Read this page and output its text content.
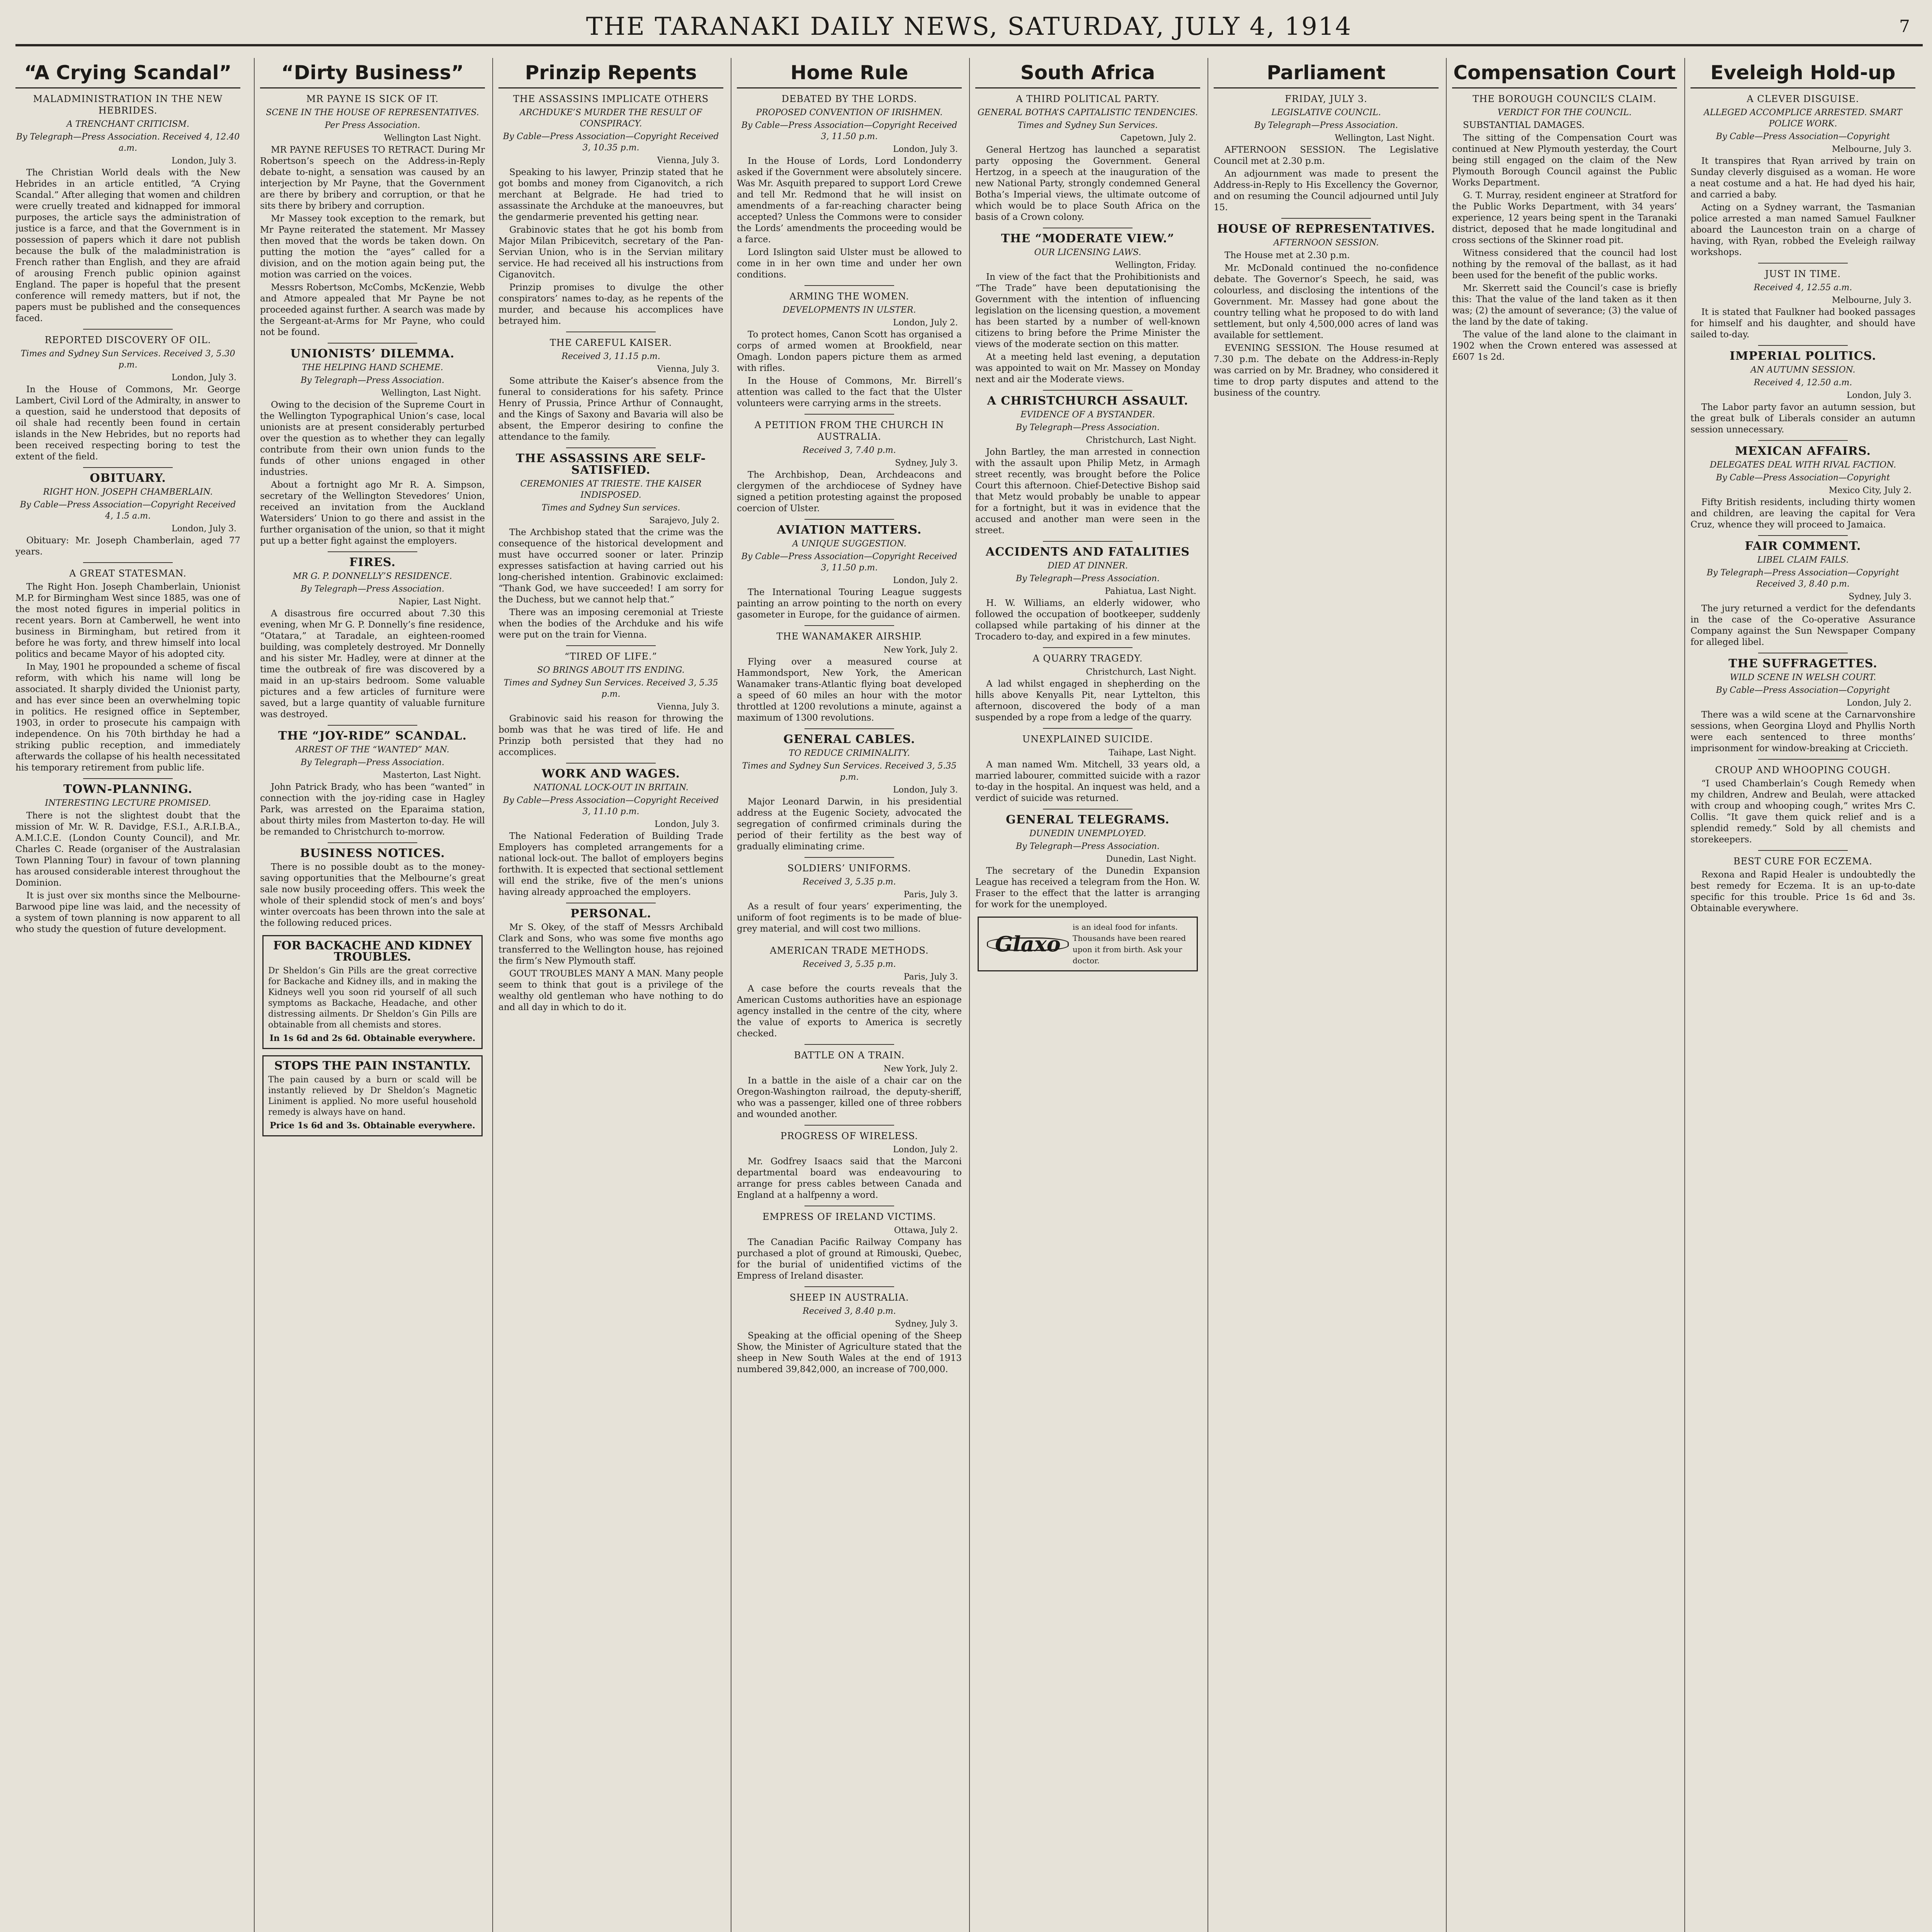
THE TARANAKI DAILY NEWS, SATURDAY, JULY 4, 1914	7
“A Crying Scandal”
MALADMINISTRATION IN THE NEW HEBRIDES.
A TRENCHANT CRITICISM.
By Telegraph—Press Association. Received 4, 12.40 a.m.
London, July 3.

The Christian World deals with the New Hebrides in an article entitled, “A Crying Scandal.” After alleging that women and children were cruelly treated and kidnapped for immoral purposes, the article says the administration of justice is a farce, and that the Government is in possession of papers which it dare not publish because the bulk of the maladministration is French rather than English, and they are afraid of arousing French public opinion against England. The paper is hopeful that the present conference will remedy matters, but if not, the papers must be published and the consequences faced.

REPORTED DISCOVERY OF OIL.
Times and Sydney Sun Services. Received 3, 5.30 p.m.
London, July 3.

In the House of Commons, Mr. George Lambert, Civil Lord of the Admiralty, in answer to a question, said he understood that deposits of oil shale had recently been found in certain islands in the New Hebrides, but no reports had been received respecting boring to test the extent of the field.

OBITUARY.
RIGHT HON. JOSEPH CHAMBERLAIN.
By Cable—Press Association—Copyright Received 4, 1.5 a.m.
London, July 3.

Obituary: Mr. Joseph Chamberlain, aged 77 years.

A GREAT STATESMAN.

The Right Hon. Joseph Chamberlain, Unionist M.P. for Birmingham West since 1885, was one of the most noted figures in imperial politics in recent years. Born at Camberwell, he went into business in Birmingham, but retired from it before he was forty, and threw himself into local politics and became Mayor of his adopted city.

In May, 1901 he propounded a scheme of fiscal reform, with which his name will long be associated. It sharply divided the Unionist party, and has ever since been an overwhelming topic in politics. He resigned office in September, 1903, in order to prosecute his campaign with independence. On his 70th birthday he had a striking public reception, and immediately afterwards the collapse of his health necessitated his temporary retirement from public life.

TOWN-PLANNING.
INTERESTING LECTURE PROMISED.

There is not the slightest doubt that the mission of Mr. W. R. Davidge, F.S.I., A.R.I.B.A., A.M.I.C.E. (London County Council), and Mr. Charles C. Reade (organiser of the Australasian Town Planning Tour) in favour of town planning has aroused considerable interest throughout the Dominion.

It is just over six months since the Melbourne-Barwood pipe line was laid, and the necessity of a system of town planning is now apparent to all who study the question of future development.

“Dirty Business”
MR PAYNE IS SICK OF IT.
SCENE IN THE HOUSE OF REPRESENTATIVES.
Per Press Association.
Wellington Last Night.

MR PAYNE REFUSES TO RETRACT. During Mr Robertson’s speech on the Address-in-Reply debate to-night, a sensation was caused by an interjection by Mr Payne, that the Government are there by bribery and corruption, or that he sits there by bribery and corruption.

Mr Massey took exception to the remark, but Mr Payne reiterated the statement. Mr Massey then moved that the words be taken down. On putting the motion the “ayes” called for a division, and on the motion again being put, the motion was carried on the voices.

Messrs Robertson, McCombs, McKenzie, Webb and Atmore appealed that Mr Payne be not proceeded against further. A search was made by the Sergeant-at-Arms for Mr Payne, who could not be found.

UNIONISTS’ DILEMMA.
THE HELPING HAND SCHEME.
By Telegraph—Press Association.
Wellington, Last Night.

Owing to the decision of the Supreme Court in the Wellington Typographical Union’s case, local unionists are at present considerably perturbed over the question as to whether they can legally contribute from their own union funds to the funds of other unions engaged in other industries.

About a fortnight ago Mr R. A. Simpson, secretary of the Wellington Stevedores’ Union, received an invitation from the Auckland Watersiders’ Union to go there and assist in the further organisation of the union, so that it might put up a better fight against the employers.

FIRES.
MR G. P. DONNELLY’S RESIDENCE.
By Telegraph—Press Association.
Napier, Last Night.

A disastrous fire occurred about 7.30 this evening, when Mr G. P. Donnelly’s fine residence, “Otatara,” at Taradale, an eighteen-roomed building, was completely destroyed. Mr Donnelly and his sister Mr. Hadley, were at dinner at the time the outbreak of fire was discovered by a maid in an up-stairs bedroom. Some valuable pictures and a few articles of furniture were saved, but a large quantity of valuable furniture was destroyed.

THE “JOY-RIDE” SCANDAL.
ARREST OF THE “WANTED” MAN.
By Telegraph—Press Association.
Masterton, Last Night.

John Patrick Brady, who has been “wanted” in connection with the joy-riding case in Hagley Park, was arrested on the Eparaima station, about thirty miles from Masterton to-day. He will be remanded to Christchurch to-morrow.

BUSINESS NOTICES.

There is no possible doubt as to the money-saving opportunities that the Melbourne’s great sale now busily proceeding offers. This week the whole of their splendid stock of men’s and boys’ winter overcoats has been thrown into the sale at the following reduced prices.

FOR BACKACHE AND KIDNEY TROUBLES.
Dr Sheldon’s Gin Pills are the great corrective for Backache and Kidney ills, and in making the Kidneys well you soon rid yourself of all such symptoms as Backache, Headache, and other distressing ailments. Dr Sheldon’s Gin Pills are obtainable from all chemists and stores.
In 1s 6d and 2s 6d. Obtainable everywhere.
STOPS THE PAIN INSTANTLY.
The pain caused by a burn or scald will be instantly relieved by Dr Sheldon’s Magnetic Liniment is applied. No more useful household remedy is always have on hand.
Price 1s 6d and 3s. Obtainable everywhere.
Prinzip Repents
THE ASSASSINS IMPLICATE OTHERS
ARCHDUKE’S MURDER THE RESULT OF CONSPIRACY.
By Cable—Press Association—Copyright Received 3, 10.35 p.m.
Vienna, July 3.

Speaking to his lawyer, Prinzip stated that he got bombs and money from Ciganovitch, a rich merchant at Belgrade. He had tried to assassinate the Archduke at the manoeuvres, but the gendarmerie prevented his getting near.

Grabinovic states that he got his bomb from Major Milan Pribicevitch, secretary of the Pan-Servian Union, who is in the Servian military service. He had received all his instructions from Ciganovitch.

Prinzip promises to divulge the other conspirators’ names to-day, as he repents of the murder, and because his accomplices have betrayed him.

THE CAREFUL KAISER.
Received 3, 11.15 p.m.
Vienna, July 3.

Some attribute the Kaiser’s absence from the funeral to considerations for his safety. Prince Henry of Prussia, Prince Arthur of Connaught, and the Kings of Saxony and Bavaria will also be absent, the Emperor desiring to confine the attendance to the family.

THE ASSASSINS ARE SELF-SATISFIED.
CEREMONIES AT TRIESTE. THE KAISER INDISPOSED.
Times and Sydney Sun services.
Sarajevo, July 2.

The Archbishop stated that the crime was the consequence of the historical development and must have occurred sooner or later. Prinzip expresses satisfaction at having carried out his long-cherished intention. Grabinovic exclaimed: “Thank God, we have succeeded! I am sorry for the Duchess, but we cannot help that.”

There was an imposing ceremonial at Trieste when the bodies of the Archduke and his wife were put on the train for Vienna.

“TIRED OF LIFE.”
SO BRINGS ABOUT ITS ENDING.
Times and Sydney Sun Services. Received 3, 5.35 p.m.
Vienna, July 3.

Grabinovic said his reason for throwing the bomb was that he was tired of life. He and Prinzip both persisted that they had no accomplices.

WORK AND WAGES.
NATIONAL LOCK-OUT IN BRITAIN.
By Cable—Press Association—Copyright Received 3, 11.10 p.m.
London, July 3.

The National Federation of Building Trade Employers has completed arrangements for a national lock-out. The ballot of employers begins forthwith. It is expected that sectional settlement will end the strike, five of the men’s unions having already approached the employers.

PERSONAL.

Mr S. Okey, of the staff of Messrs Archibald Clark and Sons, who was some five months ago transferred to the Wellington house, has rejoined the firm’s New Plymouth staff.

GOUT TROUBLES MANY A MAN. Many people seem to think that gout is a privilege of the wealthy old gentleman who have nothing to do and all day in which to do it.

Home Rule
DEBATED BY THE LORDS.
PROPOSED CONVENTION OF IRISHMEN.
By Cable—Press Association—Copyright Received 3, 11.50 p.m.
London, July 3.

In the House of Lords, Lord Londonderry asked if the Government were absolutely sincere. Was Mr. Asquith prepared to support Lord Crewe and tell Mr. Redmond that he will insist on amendments of a far-reaching character being accepted? Unless the Commons were to consider the Lords’ amendments the proceeding would be a farce.

Lord Islington said Ulster must be allowed to come in in her own time and under her own conditions.

ARMING THE WOMEN.
DEVELOPMENTS IN ULSTER.
London, July 2.

To protect homes, Canon Scott has organised a corps of armed women at Brookfield, near Omagh. London papers picture them as armed with rifles.

In the House of Commons, Mr. Birrell’s attention was called to the fact that the Ulster volunteers were carrying arms in the streets.

A PETITION FROM THE CHURCH IN AUSTRALIA.
Received 3, 7.40 p.m.
Sydney, July 3.

The Archbishop, Dean, Archdeacons and clergymen of the archdiocese of Sydney have signed a petition protesting against the proposed coercion of Ulster.

AVIATION MATTERS.
A UNIQUE SUGGESTION.
By Cable—Press Association—Copyright Received 3, 11.50 p.m.
London, July 2.

The International Touring League suggests painting an arrow pointing to the north on every gasometer in Europe, for the guidance of airmen.

THE WANAMAKER AIRSHIP.
New York, July 2.

Flying over a measured course at Hammondsport, New York, the American Wanamaker trans-Atlantic flying boat developed a speed of 60 miles an hour with the motor throttled at 1200 revolutions a minute, against a maximum of 1300 revolutions.

GENERAL CABLES.
TO REDUCE CRIMINALITY.
Times and Sydney Sun Services. Received 3, 5.35 p.m.
London, July 3.

Major Leonard Darwin, in his presidential address at the Eugenic Society, advocated the segregation of confirmed criminals during the period of their fertility as the best way of gradually eliminating crime.

SOLDIERS’ UNIFORMS.
Received 3, 5.35 p.m.
Paris, July 3.

As a result of four years’ experimenting, the uniform of foot regiments is to be made of blue-grey material, and will cost two millions.

AMERICAN TRADE METHODS.
Received 3, 5.35 p.m.
Paris, July 3.

A case before the courts reveals that the American Customs authorities have an espionage agency installed in the centre of the city, where the value of exports to America is secretly checked.

BATTLE ON A TRAIN.
New York, July 2.

In a battle in the aisle of a chair car on the Oregon-Washington railroad, the deputy-sheriff, who was a passenger, killed one of three robbers and wounded another.

PROGRESS OF WIRELESS.
London, July 2.

Mr. Godfrey Isaacs said that the Marconi departmental board was endeavouring to arrange for press cables between Canada and England at a halfpenny a word.

EMPRESS OF IRELAND VICTIMS.
Ottawa, July 2.

The Canadian Pacific Railway Company has purchased a plot of ground at Rimouski, Quebec, for the burial of unidentified victims of the Empress of Ireland disaster.

SHEEP IN AUSTRALIA.
Received 3, 8.40 p.m.
Sydney, July 3.

Speaking at the official opening of the Sheep Show, the Minister of Agriculture stated that the sheep in New South Wales at the end of 1913 numbered 39,842,000, an increase of 700,000.

South Africa
A THIRD POLITICAL PARTY.
GENERAL BOTHA’S CAPITALISTIC TENDENCIES.
Times and Sydney Sun Services.
Capetown, July 2.

General Hertzog has launched a separatist party opposing the Government. General Hertzog, in a speech at the inauguration of the new National Party, strongly condemned General Botha’s Imperial views, the ultimate outcome of which would be to place South Africa on the basis of a Crown colony.

THE “MODERATE VIEW.”
OUR LICENSING LAWS.
Wellington, Friday.

In view of the fact that the Prohibitionists and “The Trade” have been deputationising the Government with the intention of influencing legislation on the licensing question, a movement has been started by a number of well-known citizens to bring before the Prime Minister the views of the moderate section on this matter.

At a meeting held last evening, a deputation was appointed to wait on Mr. Massey on Monday next and air the Moderate views.

A CHRISTCHURCH ASSAULT.
EVIDENCE OF A BYSTANDER.
By Telegraph—Press Association.
Christchurch, Last Night.

John Bartley, the man arrested in connection with the assault upon Philip Metz, in Armagh street recently, was brought before the Police Court this afternoon. Chief-Detective Bishop said that Metz would probably be unable to appear for a fortnight, but it was in evidence that the accused and another man were seen in the street.

ACCIDENTS AND FATALITIES
DIED AT DINNER.
By Telegraph—Press Association.
Pahiatua, Last Night.

H. W. Williams, an elderly widower, who followed the occupation of bootkeeper, suddenly collapsed while partaking of his dinner at the Trocadero to-day, and expired in a few minutes.

A QUARRY TRAGEDY.
Christchurch, Last Night.

A lad whilst engaged in shepherding on the hills above Kenyalls Pit, near Lyttelton, this afternoon, discovered the body of a man suspended by a rope from a ledge of the quarry.

UNEXPLAINED SUICIDE.
Taihape, Last Night.

A man named Wm. Mitchell, 33 years old, a married labourer, committed suicide with a razor to-day in the hospital. An inquest was held, and a verdict of suicide was returned.

GENERAL TELEGRAMS.
DUNEDIN UNEMPLOYED.
By Telegraph—Press Association.
Dunedin, Last Night.

The secretary of the Dunedin Expansion League has received a telegram from the Hon. W. Fraser to the effect that the latter is arranging for work for the unemployed.

Glaxois an ideal food for infants. Thousands have been reared upon it from birth. Ask your doctor.
Parliament
FRIDAY, JULY 3.
LEGISLATIVE COUNCIL.
By Telegraph—Press Association.
Wellington, Last Night.

AFTERNOON SESSION. The Legislative Council met at 2.30 p.m.

An adjournment was made to present the Address-in-Reply to His Excellency the Governor, and on resuming the Council adjourned until July 15.

HOUSE OF REPRESENTATIVES.
AFTERNOON SESSION.

The House met at 2.30 p.m.

Mr. McDonald continued the no-confidence debate. The Governor’s Speech, he said, was colourless, and disclosing the intentions of the Government. Mr. Massey had gone about the country telling what he proposed to do with land settlement, but only 4,500,000 acres of land was available for settlement.

EVENING SESSION. The House resumed at 7.30 p.m. The debate on the Address-in-Reply was carried on by Mr. Bradney, who considered it time to drop party disputes and attend to the business of the country.

Compensation Court
THE BOROUGH COUNCIL’S CLAIM.
VERDICT FOR THE COUNCIL.

SUBSTANTIAL DAMAGES.

The sitting of the Compensation Court was continued at New Plymouth yesterday, the Court being still engaged on the claim of the New Plymouth Borough Council against the Public Works Department.

G. T. Murray, resident engineer at Stratford for the Public Works Department, with 34 years’ experience, 12 years being spent in the Taranaki district, deposed that he made longitudinal and cross sections of the Skinner road pit.

Witness considered that the council had lost nothing by the removal of the ballast, as it had been used for the benefit of the public works.

Mr. Skerrett said the Council’s case is briefly this: That the value of the land taken as it then was; (2) the amount of severance; (3) the value of the land by the date of taking.

The value of the land alone to the claimant in 1902 when the Crown entered was assessed at £607 1s 2d.

Eveleigh Hold-up
A CLEVER DISGUISE.
ALLEGED ACCOMPLICE ARRESTED. SMART POLICE WORK.
By Cable—Press Association—Copyright
Melbourne, July 3.

It transpires that Ryan arrived by train on Sunday cleverly disguised as a woman. He wore a neat costume and a hat. He had dyed his hair, and carried a baby.

Acting on a Sydney warrant, the Tasmanian police arrested a man named Samuel Faulkner aboard the Launceston train on a charge of having, with Ryan, robbed the Eveleigh railway workshops.

JUST IN TIME.
Received 4, 12.55 a.m.
Melbourne, July 3.

It is stated that Faulkner had booked passages for himself and his daughter, and should have sailed to-day.

IMPERIAL POLITICS.
AN AUTUMN SESSION.
Received 4, 12.50 a.m.
London, July 3.

The Labor party favor an autumn session, but the great bulk of Liberals consider an autumn session unnecessary.

MEXICAN AFFAIRS.
DELEGATES DEAL WITH RIVAL FACTION.
By Cable—Press Association—Copyright
Mexico City, July 2.

Fifty British residents, including thirty women and children, are leaving the capital for Vera Cruz, whence they will proceed to Jamaica.

FAIR COMMENT.
LIBEL CLAIM FAILS.
By Telegraph—Press Association—Copyright Received 3, 8.40 p.m.
Sydney, July 3.

The jury returned a verdict for the defendants in the case of the Co-operative Assurance Company against the Sun Newspaper Company for alleged libel.

THE SUFFRAGETTES.
WILD SCENE IN WELSH COURT.
By Cable—Press Association—Copyright
London, July 2.

There was a wild scene at the Carnarvonshire sessions, when Georgina Lloyd and Phyllis North were each sentenced to three months’ imprisonment for window-breaking at Criccieth.

CROUP AND WHOOPING COUGH.

“I used Chamberlain’s Cough Remedy when my children, Andrew and Beulah, were attacked with croup and whooping cough,” writes Mrs C. Collis. “It gave them quick relief and is a splendid remedy.” Sold by all chemists and storekeepers.

BEST CURE FOR ECZEMA.

Rexona and Rapid Healer is undoubtedly the best remedy for Eczema. It is an up-to-date specific for this trouble. Price 1s 6d and 3s. Obtainable everywhere.
